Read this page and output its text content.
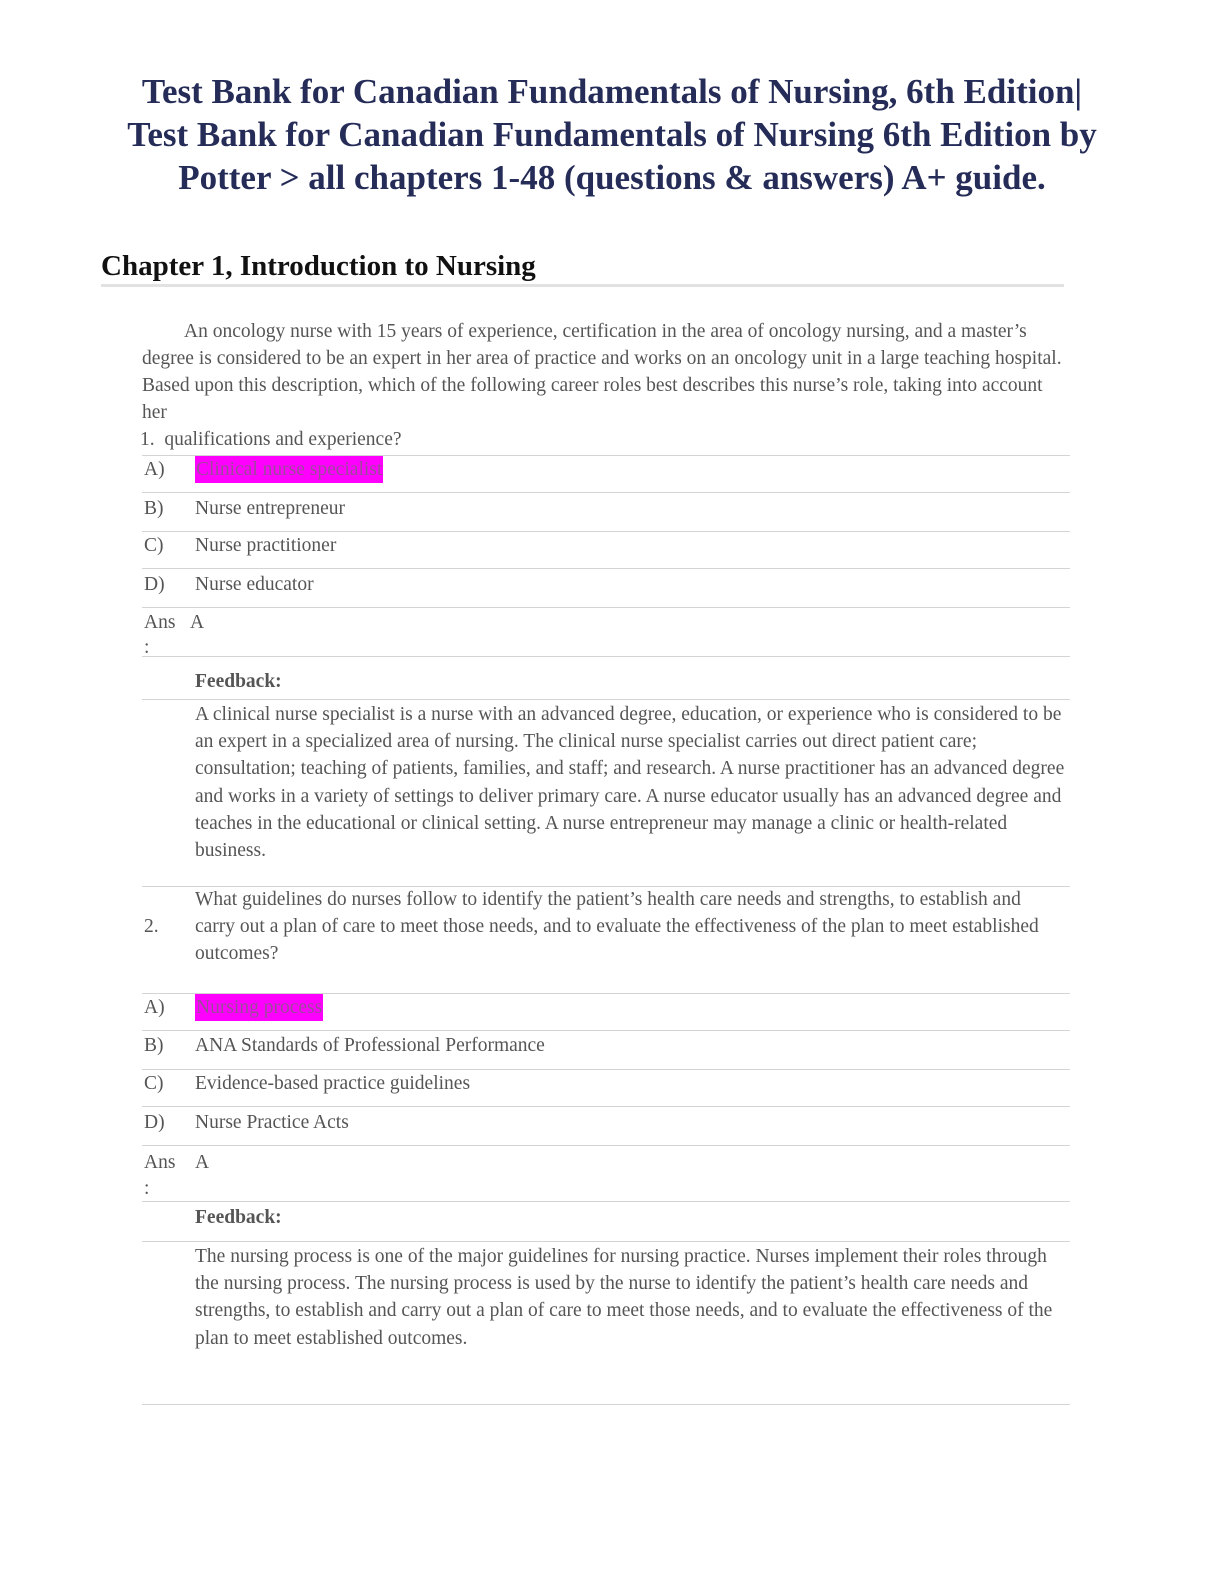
Test Bank for Canadian Fundamentals of Nursing, 6th Edition|
Test Bank for Canadian Fundamentals of Nursing 6th Edition by
Potter > all chapters 1-48 (questions & answers) A+ guide.
Chapter 1, Introduction to Nursing
An oncology nurse with 15 years of experience, certification in the area of oncology nursing, and a master’s degree is considered to be an expert in her area of practice and works on an oncology unit in a large teaching hospital. Based upon this description, which of the following career roles best describes this nurse’s role, taking into account her
1. qualifications and experience?
A) Clinical nurse specialist
B) Nurse entrepreneur
C) Nurse practitioner
D) Nurse educator
Ans
:
A
Feedback:
A clinical nurse specialist is a nurse with an advanced degree, education, or experience who is considered to be an expert in a specialized area of nursing. The clinical nurse specialist carries out direct patient care; consultation; teaching of patients, families, and staff; and research. A nurse practitioner has an advanced degree and works in a variety of settings to deliver primary care. A nurse educator usually has an advanced degree and teaches in the educational or clinical setting. A nurse entrepreneur may manage a clinic or health-related business.
What guidelines do nurses follow to identify the patient’s health care needs and strengths, to establish and carry out a plan of care to meet those needs, and to evaluate the effectiveness of the plan to meet established outcomes?
2.
A) Nursing process
B) ANA Standards of Professional Performance
C) Evidence-based practice guidelines
D) Nurse Practice Acts
Ans
:
A
Feedback:
The nursing process is one of the major guidelines for nursing practice. Nurses implement their roles through the nursing process. The nursing process is used by the nurse to identify the patient’s health care needs and strengths, to establish and carry out a plan of care to meet those needs, and to evaluate the effectiveness of the plan to meet established outcomes.
